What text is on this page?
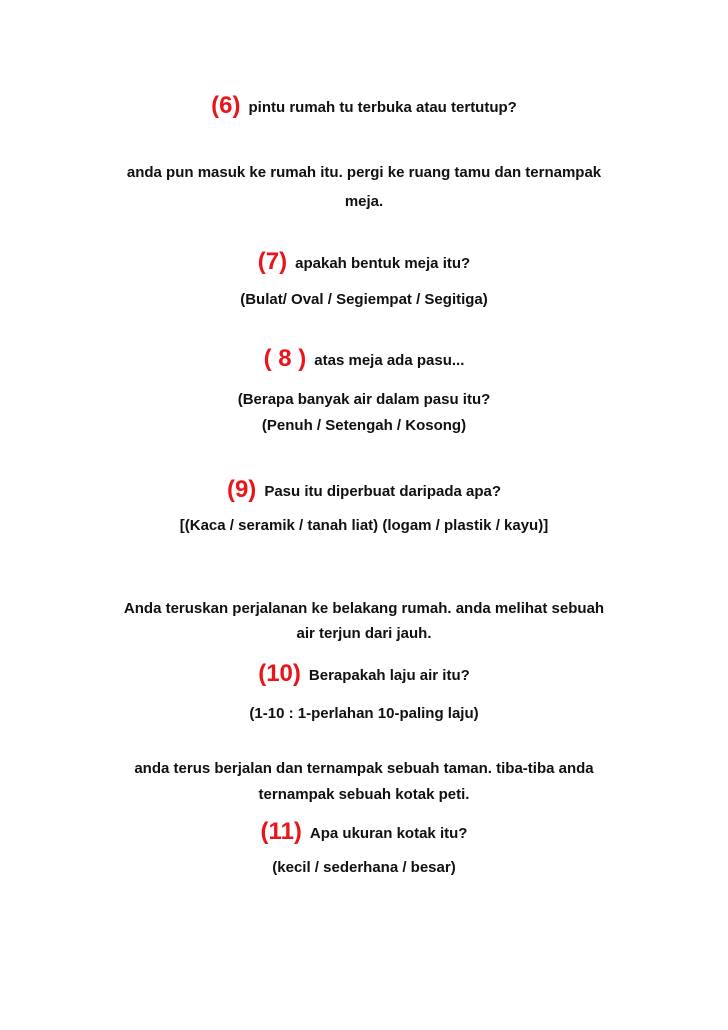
(6) pintu rumah tu terbuka atau tertutup?
anda pun masuk ke rumah itu. pergi ke ruang tamu dan ternampak
meja.
(7) apakah bentuk meja itu?
(Bulat/ Oval / Segiempat / Segitiga)
( 8 ) atas meja ada pasu...
(Berapa banyak air dalam pasu itu?
(Penuh / Setengah / Kosong)
(9) Pasu itu diperbuat daripada apa?
[(Kaca / seramik / tanah liat) (logam / plastik / kayu)]
Anda teruskan perjalanan ke belakang rumah. anda melihat sebuah
air terjun dari jauh.
(10) Berapakah laju air itu?
(1-10 : 1-perlahan 10-paling laju)
anda terus berjalan dan ternampak sebuah taman. tiba-tiba anda
ternampak sebuah kotak peti.
(11) Apa ukuran kotak itu?
(kecil / sederhana / besar)
